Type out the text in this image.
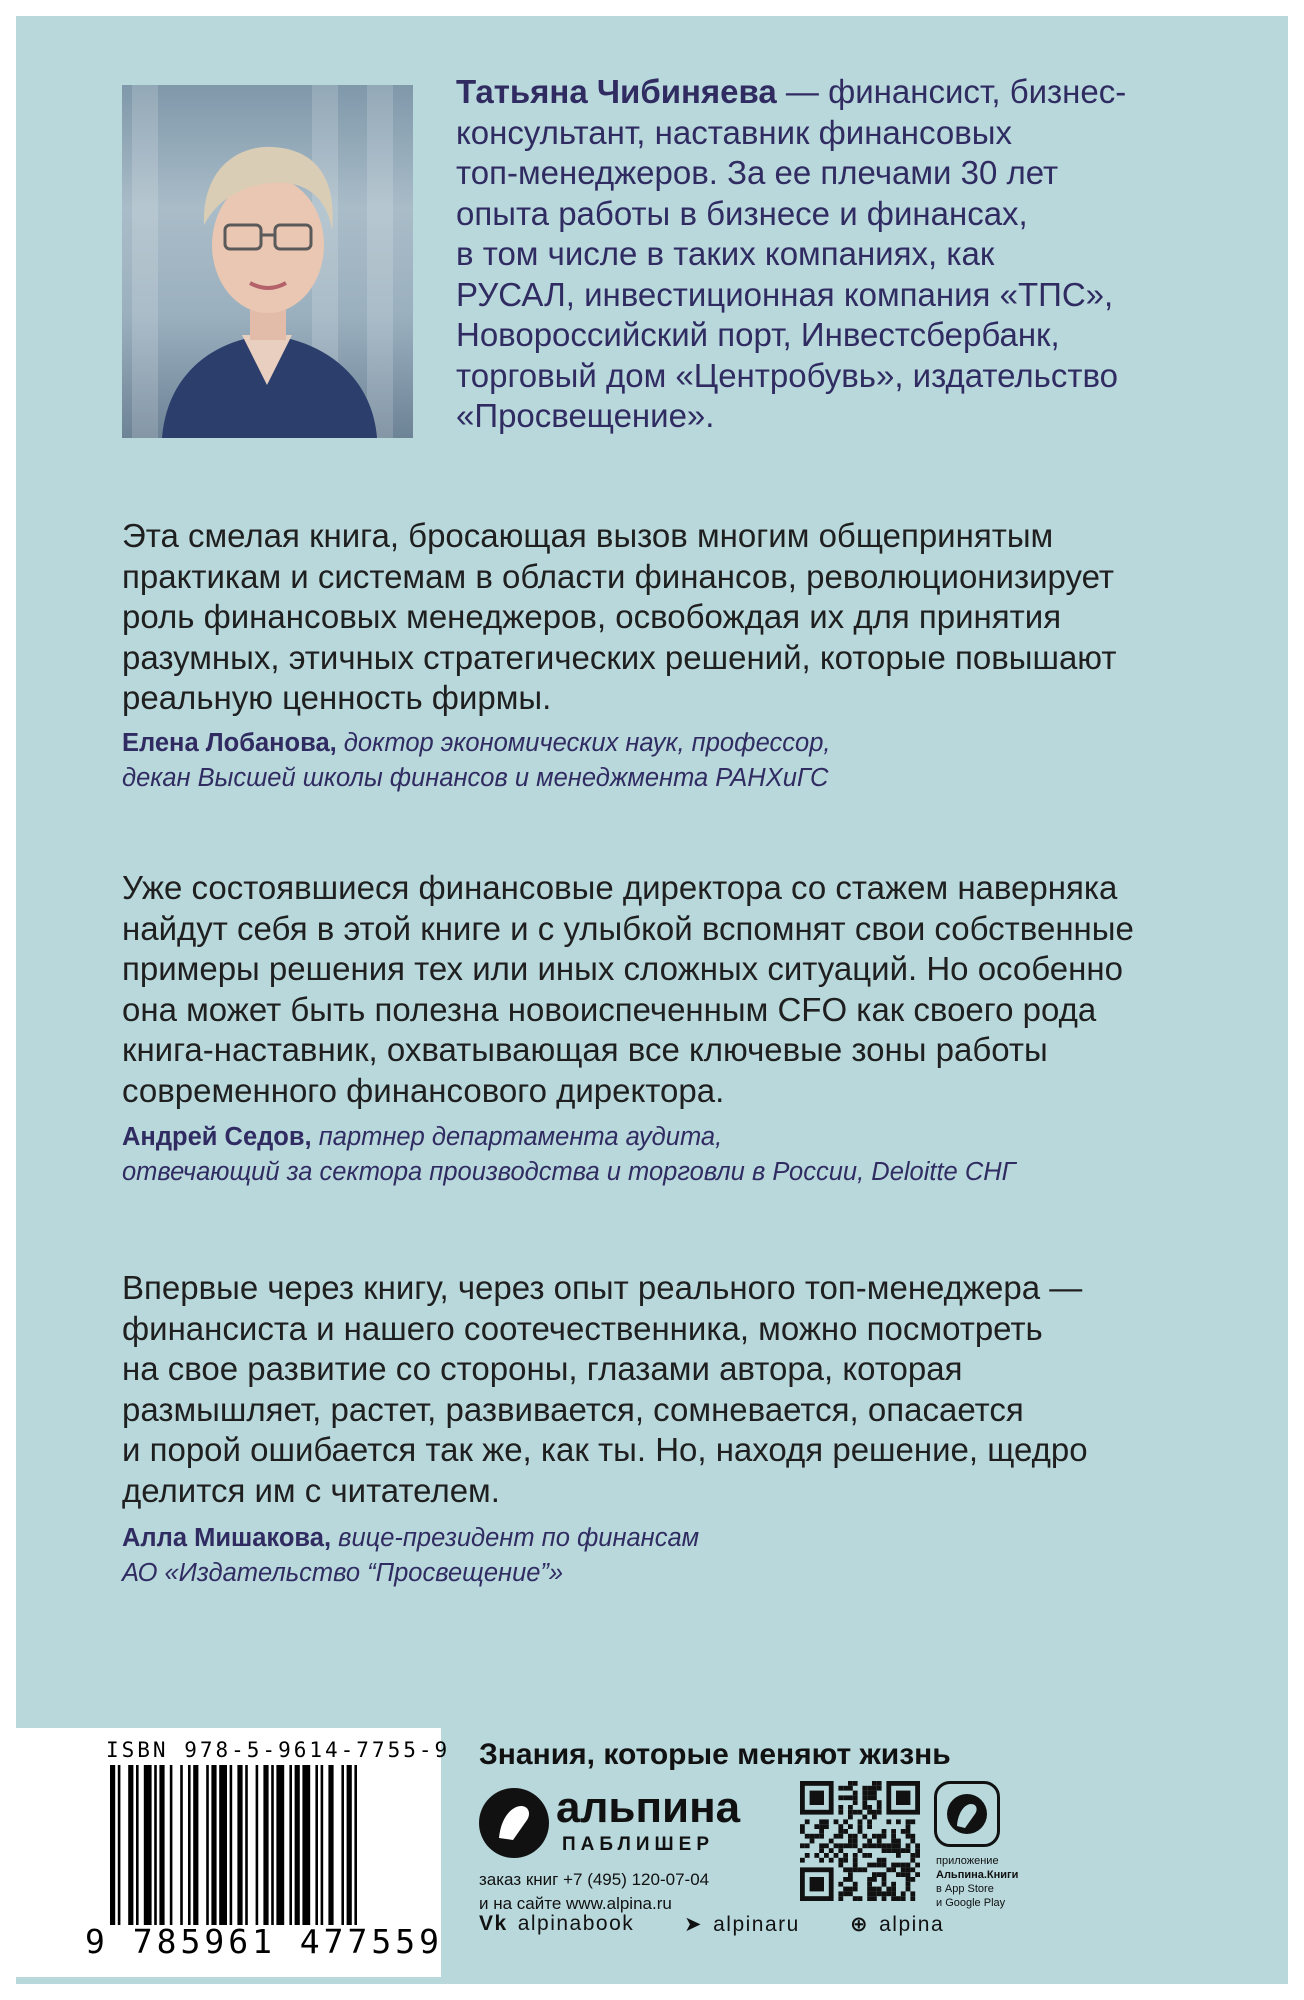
Татьяна Чибиняева — финансист, бизнес-
консультант, наставник финансовых
топ-менеджеров. За ее плечами 30 лет
опыта работы в бизнесе и финансах,
в том числе в таких компаниях, как
РУСАЛ, инвестиционная компания «ТПС»,
Новороссийский порт, Инвестсбербанк,
торговый дом «Центробувь», издательство
«Просвещение».
Эта смелая книга, бросающая вызов многим общепринятым
практикам и системам в области финансов, революционизирует
роль финансовых менеджеров, освобождая их для принятия
разумных, этичных стратегических решений, которые повышают
реальную ценность фирмы.
Елена Лобанова, доктор экономических наук, профессор,
декан Высшей школы финансов и менеджмента РАНХиГС
Уже состоявшиеся финансовые директора со стажем наверняка
найдут себя в этой книге и с улыбкой вспомнят свои собственные
примеры решения тех или иных сложных ситуаций. Но особенно
она может быть полезна новоиспеченным CFO как своего рода
книга-наставник, охватывающая все ключевые зоны работы
современного финансового директора.
Андрей Седов, партнер департамента аудита,
отвечающий за сектора производства и торговли в России, Deloitte СНГ
Впервые через книгу, через опыт реального топ-менеджера —
финансиста и нашего соотечественника, можно посмотреть
на свое развитие со стороны, глазами автора, которая
размышляет, растет, развивается, сомневается, опасается
и порой ошибается так же, как ты. Но, находя решение, щедро
делится им с читателем.
Алла Мишакова, вице-президент по финансам
АО «Издательство “Просвещение”»
ISBN 978-5-9614-7755-9
9 785961 477559
Знания, которые меняют жизнь
альпина
ПАБЛИШЕР
заказ книг +7 (495) 120-07-04
и на сайте www.alpina.ru
приложение
Альпина.Книги
в App Store
и Google Play
Vk alpinabook ➤ alpinaru ⊕ alpina
